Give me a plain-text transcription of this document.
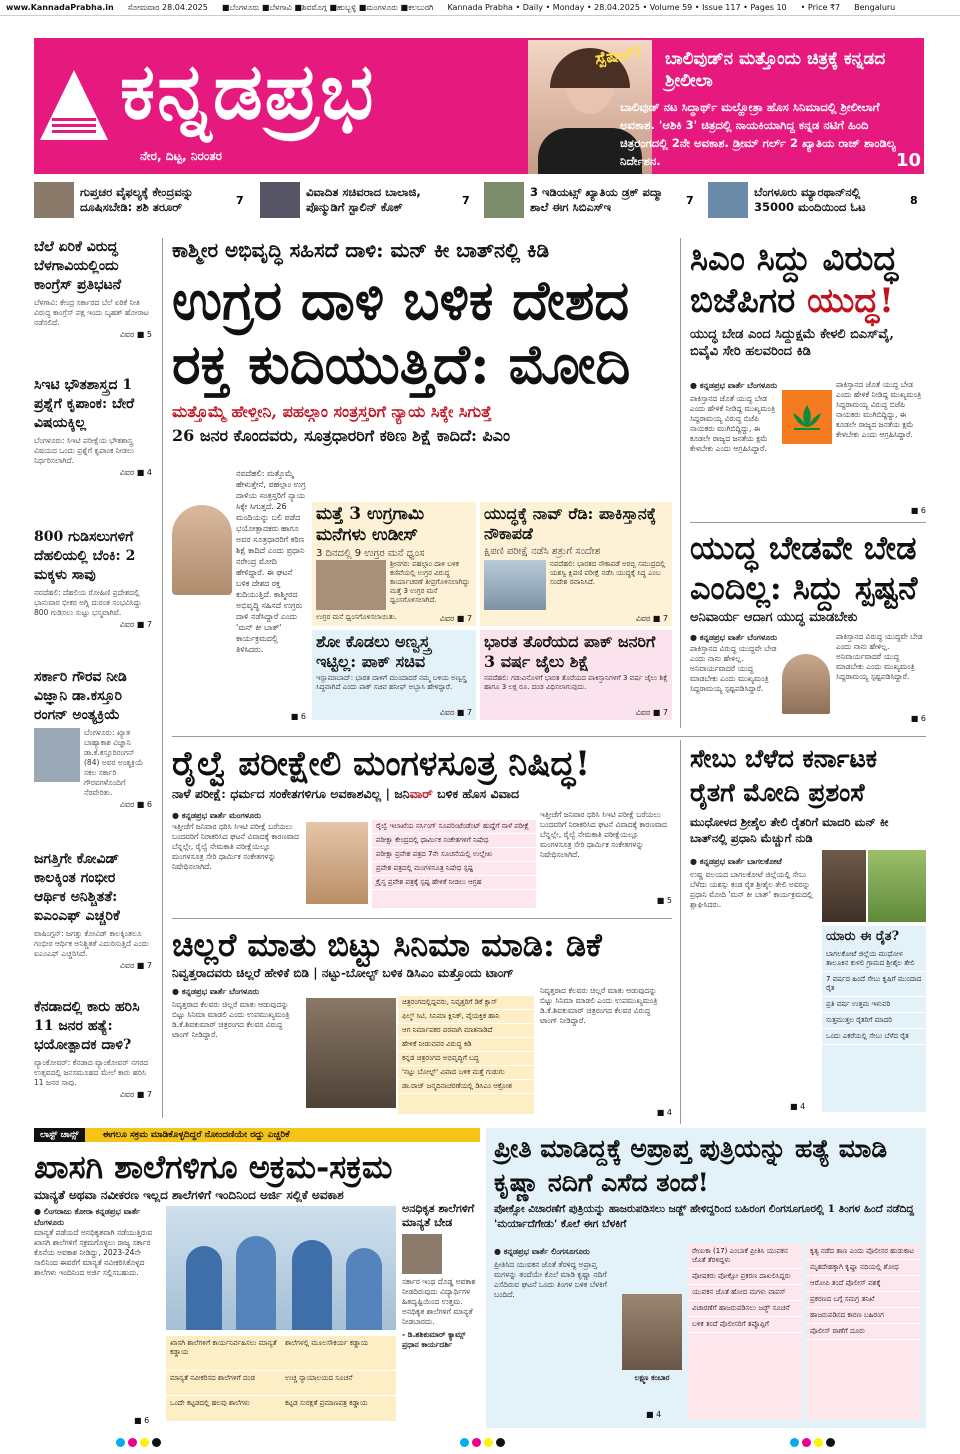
www.KannadaPrabha.in ಸೋಮವಾರ 28.04.2025 ■ಬೆಂಗಳೂರು ■ಬೆಳಗಾವಿ ■ಶಿವಮೊಗ್ಗ ■ಹುಬ್ಬಳ್ಳಿ ■ಮಂಗಳೂರು ■ಕಲಬುರಗಿ Kannada Prabha • Daily • Monday • 28.04.2025 • Volume 59 • Issue 117 • Pages 10 • Price ₹7 Bengaluru
ಕನ್ನಡಪ್ರಭ
ನೇರ, ದಿಟ್ಟ, ನಿರಂತರ
ಸ್ಪೆಷಲ್! ಬಾಲಿವುಡ್‌ನ ಮತ್ತೊಂದು ಚಿತ್ರಕ್ಕೆ ಕನ್ನಡದ ಶ್ರೀಲೀಲಾ
ಬಾಲಿವುಡ್ ನಟ ಸಿದ್ಧಾರ್ಥ್ ಮಲ್ಹೋತ್ರಾ ಹೊಸ ಸಿನಿಮಾದಲ್ಲಿ ಶ್ರೀಲೀಲಾಗೆ ಅವಕಾಶ. 'ಆಶಿಕಿ 3' ಚಿತ್ರದಲ್ಲಿ ನಾಯಕಿಯಾಗಿದ್ದ ಕನ್ನಡ ನಟಿಗೆ ಹಿಂದಿ ಚಿತ್ರರಂಗದಲ್ಲಿ 2ನೇ ಅವಕಾಶ. ಡ್ರೀಮ್ ಗರ್ಲ್ 2 ಖ್ಯಾತಿಯ ರಾಜ್ ಶಾಂಡಿಲ್ಯ ನಿರ್ದೇಶನ.	10
ಗುಪ್ತಚರ ವೈಫಲ್ಯಕ್ಕೆ ಕೇಂದ್ರವನ್ನು ದೂಷಿಸಬೇಡಿ: ಶಶಿ ತರೂರ್	7
ವಿವಾದಿತ ಸಚಿವರಾದ ಬಾಲಾಜಿ, ಪೊನ್ಮುಡಿಗೆ ಸ್ಟಾಲಿನ್ ಕೊಕ್	7
3 ಇಡಿಯಟ್ಸ್ ಖ್ಯಾತಿಯ ಡ್ರಕ್ ಪದ್ಮಾ ಶಾಲೆ ಈಗ ಸಿಬಿಎಸ್ಇ	7
ಬೆಂಗಳೂರು ಮ್ಯಾರಥಾನ್‌ನಲ್ಲಿ 35000 ಮಂದಿಯಿಂದ ಓಟ	8
ಬೆಲೆ ಏರಿಕೆ ವಿರುದ್ಧ ಬೆಳಗಾವಿಯಲ್ಲಿಂದು ಕಾಂಗ್ರೆಸ್ ಪ್ರತಿಭಟನೆ
ಬೆಳಗಾವಿ: ಕೇಂದ್ರ ಸರ್ಕಾರದ ಬೆಲೆ ಏರಿಕೆ ನೀತಿ ವಿರುದ್ಧ ಕಾಂಗ್ರೆಸ್ ಪಕ್ಷ ಇಂದು ಬೃಹತ್ ಹೋರಾಟ ನಡೆಸಲಿದೆ.
ವಿವರ ■ 5
ಸಿಇಟಿ ಭೌತಶಾಸ್ತ್ರದ 1 ಪ್ರಶ್ನೆಗೆ ಕೃಪಾಂಕ: ಬೇರೆ ವಿಷಯಕ್ಕಿಲ್ಲ
ಬೆಂಗಳೂರು: ಸಿಇಟಿ ಪರೀಕ್ಷೆಯ ಭೌತಶಾಸ್ತ್ರ ವಿಷಯದ ಒಂದು ಪ್ರಶ್ನೆಗೆ ಕೃಪಾಂಕ ನೀಡಲು ನಿರ್ಧರಿಸಲಾಗಿದೆ.
ವಿವರ ■ 4
800 ಗುಡಿಸಲುಗಳಿಗೆ ದೆಹಲಿಯಲ್ಲಿ ಬೆಂಕಿ: 2 ಮಕ್ಕಳು ಸಾವು
ನವದೆಹಲಿ: ದೆಹಲಿಯ ರೋಹಿಣಿ ಪ್ರದೇಶದಲ್ಲಿ ಭಾನುವಾರ ಭೀಕರ ಅಗ್ನಿ ದುರಂತ ಸಂಭವಿಸಿದ್ದು 800 ಗುಡಿಸಲು ಸುಟ್ಟು ಭಸ್ಮವಾಗಿವೆ.
ವಿವರ ■ 7
ಸರ್ಕಾರಿ ಗೌರವ ನೀಡಿ ವಿಜ್ಞಾನಿ ಡಾ.ಕಸ್ತೂರಿ ರಂಗನ್ ಅಂತ್ಯಕ್ರಿಯೆ
ಬೆಂಗಳೂರು: ಖ್ಯಾತ ಬಾಹ್ಯಾಕಾಶ ವಿಜ್ಞಾನಿ ಡಾ.ಕೆ.ಕಸ್ತೂರಿರಂಗನ್ (84) ಅವರ ಅಂತ್ಯಕ್ರಿಯೆ ಸಕಲ ಸರ್ಕಾರಿ ಗೌರವಗಳೊಂದಿಗೆ ನೆರವೇರಿತು.
ವಿವರ ■ 6
ಜಗತ್ತಿಗೇ ಕೋವಿಡ್ ಕಾಲಕ್ಕಿಂತ ಗಂಭೀರ ಆರ್ಥಿಕ ಅನಿಶ್ಚಿತತೆ: ಐಎಂಎಫ್ ಎಚ್ಚರಿಕೆ
ವಾಷಿಂಗ್ಟನ್: ಜಗತ್ತು ಕೋವಿಡ್ ಕಾಲಕ್ಕಿಂತಲೂ ಗಂಭೀರ ಆರ್ಥಿಕ ಅನಿಶ್ಚಿತತೆ ಎದುರಿಸುತ್ತಿದೆ ಎಂದು ಐಎಂಎಫ್ ಎಚ್ಚರಿಸಿದೆ.
ವಿವರ ■ 7
ಕೆನಡಾದಲ್ಲಿ ಕಾರು ಹರಿಸಿ 11 ಜನರ ಹತ್ಯೆ: ಭಯೋತ್ಪಾದಕ ದಾಳಿ?
ವ್ಯಾಂಕೋವರ್: ಕೆನಡಾದ ವ್ಯಾಂಕೋವರ್ ನಗರದ ಉತ್ಸವದಲ್ಲಿ ಜನಸಮೂಹದ ಮೇಲೆ ಕಾರು ಹರಿಸಿ 11 ಜನರ ಸಾವು.
ವಿವರ ■ 7
ಕಾಶ್ಮೀರ ಅಭಿವೃದ್ಧಿ ಸಹಿಸದೆ ದಾಳಿ: ಮನ್ ಕೀ ಬಾತ್‌ನಲ್ಲಿ ಕಿಡಿ
ಉಗ್ರರ ದಾಳಿ ಬಳಿಕ ದೇಶದ ರಕ್ತ ಕುದಿಯುತ್ತಿದೆ: ಮೋದಿ
ಮತ್ತೊಮ್ಮೆ ಹೇಳ್ತೀನಿ, ಪಹಲ್ಗಾಂ ಸಂತ್ರಸ್ತರಿಗೆ ನ್ಯಾಯ ಸಿಕ್ಕೇ ಸಿಗುತ್ತೆ
26 ಜನರ ಕೊಂದವರು, ಸೂತ್ರಧಾರರಿಗೆ ಕಠಿಣ ಶಿಕ್ಷೆ ಕಾದಿದೆ: ಪಿಎಂ
ನವದೆಹಲಿ: ಮತ್ತೊಮ್ಮೆ ಹೇಳುತ್ತೇನೆ, ಪಹಲ್ಗಾಂ ಉಗ್ರ ದಾಳಿಯ ಸಂತ್ರಸ್ತರಿಗೆ ನ್ಯಾಯ ಸಿಕ್ಕೇ ಸಿಗುತ್ತದೆ. 26 ಮಂದಿಯನ್ನು ಬಲಿ ಪಡೆದ ಭಯೋತ್ಪಾದಕರು ಹಾಗೂ ಅವರ ಸೂತ್ರಧಾರರಿಗೆ ಕಠಿಣ ಶಿಕ್ಷೆ ಕಾದಿದೆ ಎಂದು ಪ್ರಧಾನಿ ನರೇಂದ್ರ ಮೋದಿ ಹೇಳಿದ್ದಾರೆ. ಈ ಘಟನೆ ಬಳಿಕ ದೇಶದ ರಕ್ತ ಕುದಿಯುತ್ತಿದೆ. ಕಾಶ್ಮೀರದ ಅಭಿವೃದ್ಧಿ ಸಹಿಸದೆ ಉಗ್ರರು ದಾಳಿ ನಡೆಸಿದ್ದಾರೆ ಎಂದು 'ಮನ್ ಕೀ ಬಾತ್' ಕಾರ್ಯಕ್ರಮದಲ್ಲಿ ತಿಳಿಸಿದರು.
■ 6
ಮತ್ತೆ 3 ಉಗ್ರಗಾಮಿ ಮನೆಗಳು ಉಡೀಸ್
3 ದಿನದಲ್ಲಿ 9 ಉಗ್ರರ ಮನೆ ಧ್ವಂಸ
ಶ್ರೀನಗರ: ಪಹಲ್ಗಾಂ ದಾಳಿ ಬಳಿಕ ಕಣಿವೆಯಲ್ಲಿ ಉಗ್ರರ ವಿರುದ್ಧ ಕಾರ್ಯಾಚರಣೆ ತೀವ್ರಗೊಳಿಸಲಾಗಿದ್ದು ಮತ್ತೆ 3 ಉಗ್ರರ ಮನೆ ಧ್ವಂಸಗೊಳಿಸಲಾಗಿದೆ.
ಉಗ್ರರ ಮನೆ ಧ್ವಂಸಗೊಳಿಸಲಾಯಿತು.	ವಿವರ ■ 7
ಯುದ್ಧಕ್ಕೆ ನಾವ್ ರೆಡಿ: ಪಾಕಿಸ್ತಾನಕ್ಕೆ ನೌಕಾಪಡೆ
ಕ್ಷಿಪಣಿ ಪರೀಕ್ಷೆ ನಡೆಸಿ ಶತ್ರುಗೆ ಸಂದೇಶ
ನವದೆಹಲಿ: ಭಾರತದ ನೌಕಾಪಡೆ ಅರಬ್ಬಿ ಸಮುದ್ರದಲ್ಲಿ ಯಶಸ್ವಿ ಕ್ಷಿಪಣಿ ಪರೀಕ್ಷೆ ನಡೆಸಿ ಯುದ್ಧಕ್ಕೆ ಸಿದ್ಧ ಎಂಬ ಸಂದೇಶ ರವಾನಿಸಿದೆ.
ವಿವರ ■ 7
ಶೋ ಕೊಡಲು ಅಣ್ವಸ್ತ್ರ ಇಟ್ಟಿಲ್ಲ: ಪಾಕ್ ಸಚಿವ
ಇಸ್ಲಾಮಾಬಾದ್: ಭಾರತ ದಾಳಿಗೆ ಮುಂದಾದರೆ ನಮ್ಮ ಬಳಿಯ ಅಣ್ವಸ್ತ್ರ ಸಿದ್ಧವಾಗಿದೆ ಎಂದು ಪಾಕ್ ಸಚಿವ ಹನೀಫ್ ಅಬ್ಬಾಸಿ ಹೇಳಿದ್ದಾರೆ.
ವಿವರ ■ 7
ಭಾರತ ತೊರೆಯದ ಪಾಕ್ ಜನರಿಗೆ 3 ವರ್ಷ ಜೈಲು ಶಿಕ್ಷೆ
ನವದೆಹಲಿ: ಗಡುವಿನೊಳಗೆ ಭಾರತ ತೊರೆಯದ ಪಾಕಿಸ್ತಾನಿಗಳಿಗೆ 3 ವರ್ಷ ಜೈಲು ಶಿಕ್ಷೆ ಹಾಗೂ 3 ಲಕ್ಷ ರೂ. ದಂಡ ವಿಧಿಸಲಾಗುವುದು.
ವಿವರ ■ 7
ಸಿಎಂ ಸಿದ್ದು ವಿರುದ್ಧ ಬಿಜೆಪಿಗರ ಯುದ್ಧ!
ಯುದ್ಧ ಬೇಡ ಎಂದ ಸಿದ್ದುಕ್ಷಮೆ ಕೇಳಲಿ ಬಿಎಸ್‌ವೈ, ಬಿವೈವಿ ಸೇರಿ ಹಲವರಿಂದ ಕಿಡಿ
● ಕನ್ನಡಪ್ರಭ ವಾರ್ತೆ ಬೆಂಗಳೂರು
ಪಾಕಿಸ್ತಾನದ ಜೊತೆ ಯುದ್ಧ ಬೇಡ ಎಂದು ಹೇಳಿಕೆ ನೀಡಿದ್ದ ಮುಖ್ಯಮಂತ್ರಿ ಸಿದ್ದರಾಮಯ್ಯ ವಿರುದ್ಧ ಬಿಜೆಪಿ ನಾಯಕರು ಮುಗಿಬಿದ್ದಿದ್ದು, ಈ ಕೂಡಲೇ ರಾಜ್ಯದ ಜನತೆಯ ಕ್ಷಮೆ ಕೇಳಬೇಕು ಎಂದು ಆಗ್ರಹಿಸಿದ್ದಾರೆ.
ಪಾಕಿಸ್ತಾನದ ಜೊತೆ ಯುದ್ಧ ಬೇಡ ಎಂದು ಹೇಳಿಕೆ ನೀಡಿದ್ದ ಮುಖ್ಯಮಂತ್ರಿ ಸಿದ್ದರಾಮಯ್ಯ ವಿರುದ್ಧ ಬಿಜೆಪಿ ನಾಯಕರು ಮುಗಿಬಿದ್ದಿದ್ದು, ಈ ಕೂಡಲೇ ರಾಜ್ಯದ ಜನತೆಯ ಕ್ಷಮೆ ಕೇಳಬೇಕು ಎಂದು ಆಗ್ರಹಿಸಿದ್ದಾರೆ.
■ 6
ಯುದ್ಧ ಬೇಡವೇ ಬೇಡ ಎಂದಿಲ್ಲ: ಸಿದ್ದು ಸ್ಪಷ್ಟನೆ
ಅನಿವಾರ್ಯ ಆದಾಗ ಯುದ್ಧ ಮಾಡಬೇಕು
● ಕನ್ನಡಪ್ರಭ ವಾರ್ತೆ ಬೆಂಗಳೂರು
ಪಾಕಿಸ್ತಾನದ ವಿರುದ್ಧ ಯುದ್ಧವೇ ಬೇಡ ಎಂದು ನಾನು ಹೇಳಿಲ್ಲ. ಅನಿವಾರ್ಯವಾದರೆ ಯುದ್ಧ ಮಾಡಬೇಕು ಎಂದು ಮುಖ್ಯಮಂತ್ರಿ ಸಿದ್ದರಾಮಯ್ಯ ಸ್ಪಷ್ಟಪಡಿಸಿದ್ದಾರೆ.
ಪಾಕಿಸ್ತಾನದ ವಿರುದ್ಧ ಯುದ್ಧವೇ ಬೇಡ ಎಂದು ನಾನು ಹೇಳಿಲ್ಲ. ಅನಿವಾರ್ಯವಾದರೆ ಯುದ್ಧ ಮಾಡಬೇಕು ಎಂದು ಮುಖ್ಯಮಂತ್ರಿ ಸಿದ್ದರಾಮಯ್ಯ ಸ್ಪಷ್ಟಪಡಿಸಿದ್ದಾರೆ.
■ 6
ರೈಲ್ವೆ ಪರೀಕ್ಷೇಲಿ ಮಂಗಳಸೂತ್ರ ನಿಷಿದ್ಧ!
ನಾಳೆ ಪರೀಕ್ಷೆ: ಧರ್ಮದ ಸಂಕೇತಗಳಿಗೂ ಅವಕಾಶವಿಲ್ಲ | ಜನಿವಾರ್ ಬಳಿಕ ಹೊಸ ವಿವಾದ
● ಕನ್ನಡಪ್ರಭ ವಾರ್ತೆ ಮಂಗಳೂರು
ಇತ್ತೀಚೆಗೆ ಜನಿವಾರ ಧರಿಸಿ ಸಿಇಟಿ ಪರೀಕ್ಷೆ ಬರೆಯಲು ಬಂದವರಿಗೆ ನಿರಾಕರಿಸಿದ ಘಟನೆ ವಿವಾದಕ್ಕೆ ಕಾರಣವಾದ ಬೆನ್ನಲ್ಲೇ, ರೈಲ್ವೆ ನೇಮಕಾತಿ ಪರೀಕ್ಷೆಯಲ್ಲೂ ಮಂಗಳಸೂತ್ರ ಸೇರಿ ಧಾರ್ಮಿಕ ಸಂಕೇತಗಳನ್ನು ನಿಷೇಧಿಸಲಾಗಿದೆ.
ರೈಲ್ವೆ ಇಲಾಖೆಯ ನರ್ಸಿಂಗ್ ಸೂಪರಿಂಟೆಂಡೆಂಟ್ ಹುದ್ದೆಗೆ ನಾಳೆ ಪರೀಕ್ಷೆ
ಪರೀಕ್ಷಾ ಕೇಂದ್ರದಲ್ಲಿ ಧಾರ್ಮಿಕ ಸಂಕೇತಗಳಿಗೆ ನಿಷೇಧ
ಪರೀಕ್ಷಾ ಪ್ರವೇಶ ಪತ್ರದ 7ನೇ ಸೂಚನೆಯಲ್ಲಿ ಉಲ್ಲೇಖ
ಪ್ರವೇಶ ಪತ್ರದಲ್ಲಿ ಮಂಗಳಸೂತ್ರ ನಿಷೇಧ ಸ್ಪಷ್ಟ
ಕ್ರೈಸ್ತ ಪ್ರವೇಶ ಪತ್ರಕ್ಕೆ ಸ್ಪಷ್ಟ ಹೇಳಿಕೆ ನೀಡಲು ಆಗ್ರಹ
ಇತ್ತೀಚೆಗೆ ಜನಿವಾರ ಧರಿಸಿ ಸಿಇಟಿ ಪರೀಕ್ಷೆ ಬರೆಯಲು ಬಂದವರಿಗೆ ನಿರಾಕರಿಸಿದ ಘಟನೆ ವಿವಾದಕ್ಕೆ ಕಾರಣವಾದ ಬೆನ್ನಲ್ಲೇ, ರೈಲ್ವೆ ನೇಮಕಾತಿ ಪರೀಕ್ಷೆಯಲ್ಲೂ ಮಂಗಳಸೂತ್ರ ಸೇರಿ ಧಾರ್ಮಿಕ ಸಂಕೇತಗಳನ್ನು ನಿಷೇಧಿಸಲಾಗಿದೆ.
■ 5
ಸೇಬು ಬೆಳೆದ ಕರ್ನಾಟಕ ರೈತಗೆ ಮೋದಿ ಪ್ರಶಂಸೆ
ಮುಧೋಳದ ಶ್ರೀಶೈಲ ತೇಲಿ ರೈತರಿಗೆ ಮಾದರಿ ಮನ್ ಕೀ ಬಾತ್‌ನಲ್ಲಿ ಪ್ರಧಾನಿ ಮೆಚ್ಚುಗೆ ನುಡಿ
● ಕನ್ನಡಪ್ರಭ ವಾರ್ತೆ ಬಾಗಲಕೋಟೆ
ಉಷ್ಣ ವಲಯದ ಬಾಗಲಕೋಟೆ ಜಿಲ್ಲೆಯಲ್ಲಿ ಸೇಬು ಬೆಳೆದು ಯಶಸ್ಸು ಕಂಡ ರೈತ ಶ್ರೀಶೈಲ ತೇಲಿ ಅವರನ್ನು ಪ್ರಧಾನಿ ಮೋದಿ 'ಮನ್ ಕೀ ಬಾತ್' ಕಾರ್ಯಕ್ರಮದಲ್ಲಿ ಶ್ಲಾಘಿಸಿದರು.
ಯಾರು ಈ ರೈತ?
ಬಾಗಲಕೋಟೆ ಜಿಲ್ಲೆಯ ಮುಧೋಳ ತಾಲೂಕಿನ ಕುಳಲಿ ಗ್ರಾಮದ ಶ್ರೀಶೈಲ ತೇಲಿ
7 ವರ್ಷದ ಹಿಂದೆ ಸೇಬು ಕೃಷಿಗೆ ಮುಂದಾದ ರೈತ
ಪ್ರತಿ ವರ್ಷ ಉತ್ತಮ ಇಳುವರಿ
ಸುತ್ತಮುತ್ತಲ ರೈತರಿಗೆ ಮಾದರಿ
ಒಂದು ಎಕರೆಯಲ್ಲಿ ಸೇಬು ಬೆಳೆದ ರೈತ
■ 4
ಚಿಲ್ಲರೆ ಮಾತು ಬಿಟ್ಟು ಸಿನಿಮಾ ಮಾಡಿ: ಡಿಕೆ
ನಿವ್ವತ್ತರಾದವರು ಚಿಲ್ಲರೆ ಹೇಳಿಕೆ ಬಿಡಿ | ನಟ್ಟು-ಬೋಲ್ಟ್ ಬಳಿಕ ಡಿಸಿಎಂ ಮತ್ತೊಂದು ಟಾಂಗ್
● ಕನ್ನಡಪ್ರಭ ವಾರ್ತೆ ಬೆಂಗಳೂರು
ನಿವೃತ್ತರಾದ ಕೆಲವರು ಚಿಲ್ಲರೆ ಮಾತು ಆಡುವುದನ್ನು ಬಿಟ್ಟು ಸಿನಿಮಾ ಮಾಡಲಿ ಎಂದು ಉಪಮುಖ್ಯಮಂತ್ರಿ ಡಿ.ಕೆ.ಶಿವಕುಮಾರ್ ಚಿತ್ರರಂಗದ ಕೆಲವರ ವಿರುದ್ಧ ಟಾಂಗ್ ನೀಡಿದ್ದಾರೆ.
ಚಿತ್ರರಂಗದಲ್ಲಿದ್ದವರು, ನಿವೃತ್ತರಿಗೆ ಡಿಕೆ ಕ್ಲಾಸ್
ಫಿಲ್ಮ್ ಸಿಟಿ, ಸಿನಿಮಾ ಕ್ಲಿನಿಕ್, ವೈಯಕ್ತಿಕ ಹಾನಿ
ಆಗ ನಿರ್ಮಾಪಕರ ಪರವಾಗಿ ಮಾತನಾಡಿದೆ
ಹೇಳಿಕೆ ನೀಡುವವರ ವಿರುದ್ಧ ಕಿಡಿ
ಕನ್ನಡ ಚಿತ್ರರಂಗದ ಅಭಿವೃದ್ಧಿಗೆ ಬದ್ಧ
'ನಟ್ಟು ಬೋಲ್ಟ್' ವಿವಾದ ಬಳಿಕ ಮತ್ತೆ ಗುಡುಗು
ಡಾ.ರಾಜ್ ಜನ್ಮದಿನಾಚರಣೆಯಲ್ಲಿ ಡಿಸಿಎಂ ಆಕ್ರೋಶ
ನಿವೃತ್ತರಾದ ಕೆಲವರು ಚಿಲ್ಲರೆ ಮಾತು ಆಡುವುದನ್ನು ಬಿಟ್ಟು ಸಿನಿಮಾ ಮಾಡಲಿ ಎಂದು ಉಪಮುಖ್ಯಮಂತ್ರಿ ಡಿ.ಕೆ.ಶಿವಕುಮಾರ್ ಚಿತ್ರರಂಗದ ಕೆಲವರ ವಿರುದ್ಧ ಟಾಂಗ್ ನೀಡಿದ್ದಾರೆ.
■ 4
ಲಾಸ್ಟ್ ಚಾನ್ಸ್	ಈಗಲೂ ಸಕ್ರಮ ಮಾಡಿಕೊಳ್ಳದಿದ್ದರೆ ನೋಂದಣಿಯೇ ರದ್ದು ಎಚ್ಚರಿಕೆ
ಖಾಸಗಿ ಶಾಲೆಗಳಿಗೂ ಅಕ್ರಮ-ಸಕ್ರಮ
ಮಾನ್ಯತೆ ಅಥವಾ ನವೀಕರಣ ಇಲ್ಲದ ಶಾಲೆಗಳಿಗೆ ಇಂದಿನಿಂದ ಅರ್ಜಿ ಸಲ್ಲಿಕೆ ಅವಕಾಶ
● ಲಿಂಗರಾಜು ಕೋರಾ ಕನ್ನಡಪ್ರಭ ವಾರ್ತೆ ಬೆಂಗಳೂರು
ಮಾನ್ಯತೆ ಪಡೆಯದೆ ಅನಧಿಕೃತವಾಗಿ ನಡೆಯುತ್ತಿರುವ ಖಾಸಗಿ ಶಾಲೆಗಳಿಗೆ ಸಕ್ರಮಗೊಳ್ಳಲು ರಾಜ್ಯ ಸರ್ಕಾರ ಕೊನೆಯ ಅವಕಾಶ ನೀಡಿದ್ದು, 2023-24ನೇ ಸಾಲಿನಿಂದ ಈವರೆಗೆ ಮಾನ್ಯತೆ ನವೀಕರಿಸಿಕೊಳ್ಳದ ಶಾಲೆಗಳು ಇಂದಿನಿಂದ ಅರ್ಜಿ ಸಲ್ಲಿಸಬಹುದು.
ಅನಧಿಕೃತ ಶಾಲೆಗಳಿಗೆ ಮಾನ್ಯತೆ ಬೇಡ
ಸರ್ಕಾರ ಇಂಥ ದೊಡ್ಡ ಅವಕಾಶ ನೀಡದಿರುವುದು ವಿದ್ಯಾರ್ಥಿಗಳ ಹಿತದೃಷ್ಟಿಯಿಂದ ಉತ್ತಮ. ಅನಧಿಕೃತ ಶಾಲೆಗಳಿಗೆ ಮಾನ್ಯತೆ ನೀಡಬಾರದು.
- ಡಿ.ಶಶಿಕುಮಾರ್ ಕ್ಯಾಮ್ಸ್ ಪ್ರಧಾನ ಕಾರ್ಯದರ್ಶಿ
ಖಾಸಗಿ ಶಾಲೆಗಳಿಗೆ ಕಾರ್ಯನಿರ್ವಹಿಸಲು ಮಾನ್ಯತೆ ಕಡ್ಡಾಯ
ಶಾಲೆಗಳಲ್ಲಿ ಮೂಲಸೌಕರ್ಯ ಕಡ್ಡಾಯ
ಮಾನ್ಯತೆ ನವೀಕರಿಸದ ಶಾಲೆಗಳಿಗೆ ದಂಡ	ಉಚ್ಚ ನ್ಯಾಯಾಲಯದ ಸೂಚನೆ
ಒಂದೇ ಕಟ್ಟಡದಲ್ಲಿ ಹಲವು ಶಾಲೆಗಳು	ಕಟ್ಟಡ ಸುರಕ್ಷತೆ ಪ್ರಮಾಣಪತ್ರ ಕಡ್ಡಾಯ
■ 6
ಪ್ರೀತಿ ಮಾಡಿದ್ದಕ್ಕೆ ಅಪ್ರಾಪ್ತ ಪುತ್ರಿಯನ್ನು ಹತ್ಯೆ ಮಾಡಿ ಕೃಷ್ಣಾ ನದಿಗೆ ಎಸೆದ ತಂದೆ!
ಪೋಕ್ಸೋ ವಿಚಾರಣೆಗೆ ಪುತ್ರಿಯನ್ನು ಹಾಜರುಪಡಿಸಲು ಜಡ್ಜ್ ಹೇಳಿದ್ದರಿಂದ ಬಹಿರಂಗ ಲಿಂಗಸೂಗೂರಲ್ಲಿ 1 ತಿಂಗಳ ಹಿಂದೆ ನಡೆದಿದ್ದ 'ಮರ್ಯಾದೆಗೇಡು' ಕೊಲೆ ಈಗ ಬೆಳಕಿಗೆ
● ಕನ್ನಡಪ್ರಭ ವಾರ್ತೆ ಲಿಂಗಸೂಗೂರು
ಪ್ರೀತಿಸಿದ ಯುವಕನ ಜೊತೆ ತೆರಳಿದ್ದ ಅಪ್ರಾಪ್ತ ಮಗಳನ್ನು ತಂದೆಯೇ ಕೊಲೆ ಮಾಡಿ ಕೃಷ್ಣಾ ನದಿಗೆ ಎಸೆದಿರುವ ಘಟನೆ ಒಂದು ತಿಂಗಳ ಬಳಿಕ ಬೆಳಕಿಗೆ ಬಂದಿದೆ.
ಲಕ್ಷ್ಮಣ ಕಂಬಾರ
ರೇಣುಕಾ (17) ಎಂಬಾಕೆ ಪ್ರೀತಿಸಿ ಯುವಕನ ಜೊತೆ ತೆರಳಿದ್ದಳು
ಪೋಷಕರು ಪೋಕ್ಸೋ ಪ್ರಕರಣ ದಾಖಲಿಸಿದ್ದರು
ಯುವಕನ ಜೊತೆ ಹೋದ ಮಗಳು ವಾಪಸ್
ವಿಚಾರಣೆಗೆ ಹಾಜರುಪಡಿಸಲು ಜಡ್ಜ್ ಸೂಚನೆ
ಬಳಿಕ ತಂದೆ ಪೊಲೀಸರಿಗೆ ತಪ್ಪೊಪ್ಪಿಗೆ
ಕೃತ್ಯ ನಡೆದ ತಾಣ ಎಂದು ಪೊಲೀಸರ ಹುಡುಕಾಟ
ಮೃತದೇಹಕ್ಕಾಗಿ ಕೃಷ್ಣಾ ನದಿಯಲ್ಲಿ ಶೋಧ
ಆರೋಪಿ ತಂದೆ ಪೊಲೀಸ್ ವಶಕ್ಕೆ
ಪ್ರಕರಣದ ಬಗ್ಗೆ ಸಮಗ್ರ ತನಿಖೆ
ಹಾಜರುಪಡಿಸದ ಕಾರಣ ಬಹಿರಂಗ
ಪೊಲೀಸ್ ಠಾಣೆಗೆ ದೂರು
■ 4
